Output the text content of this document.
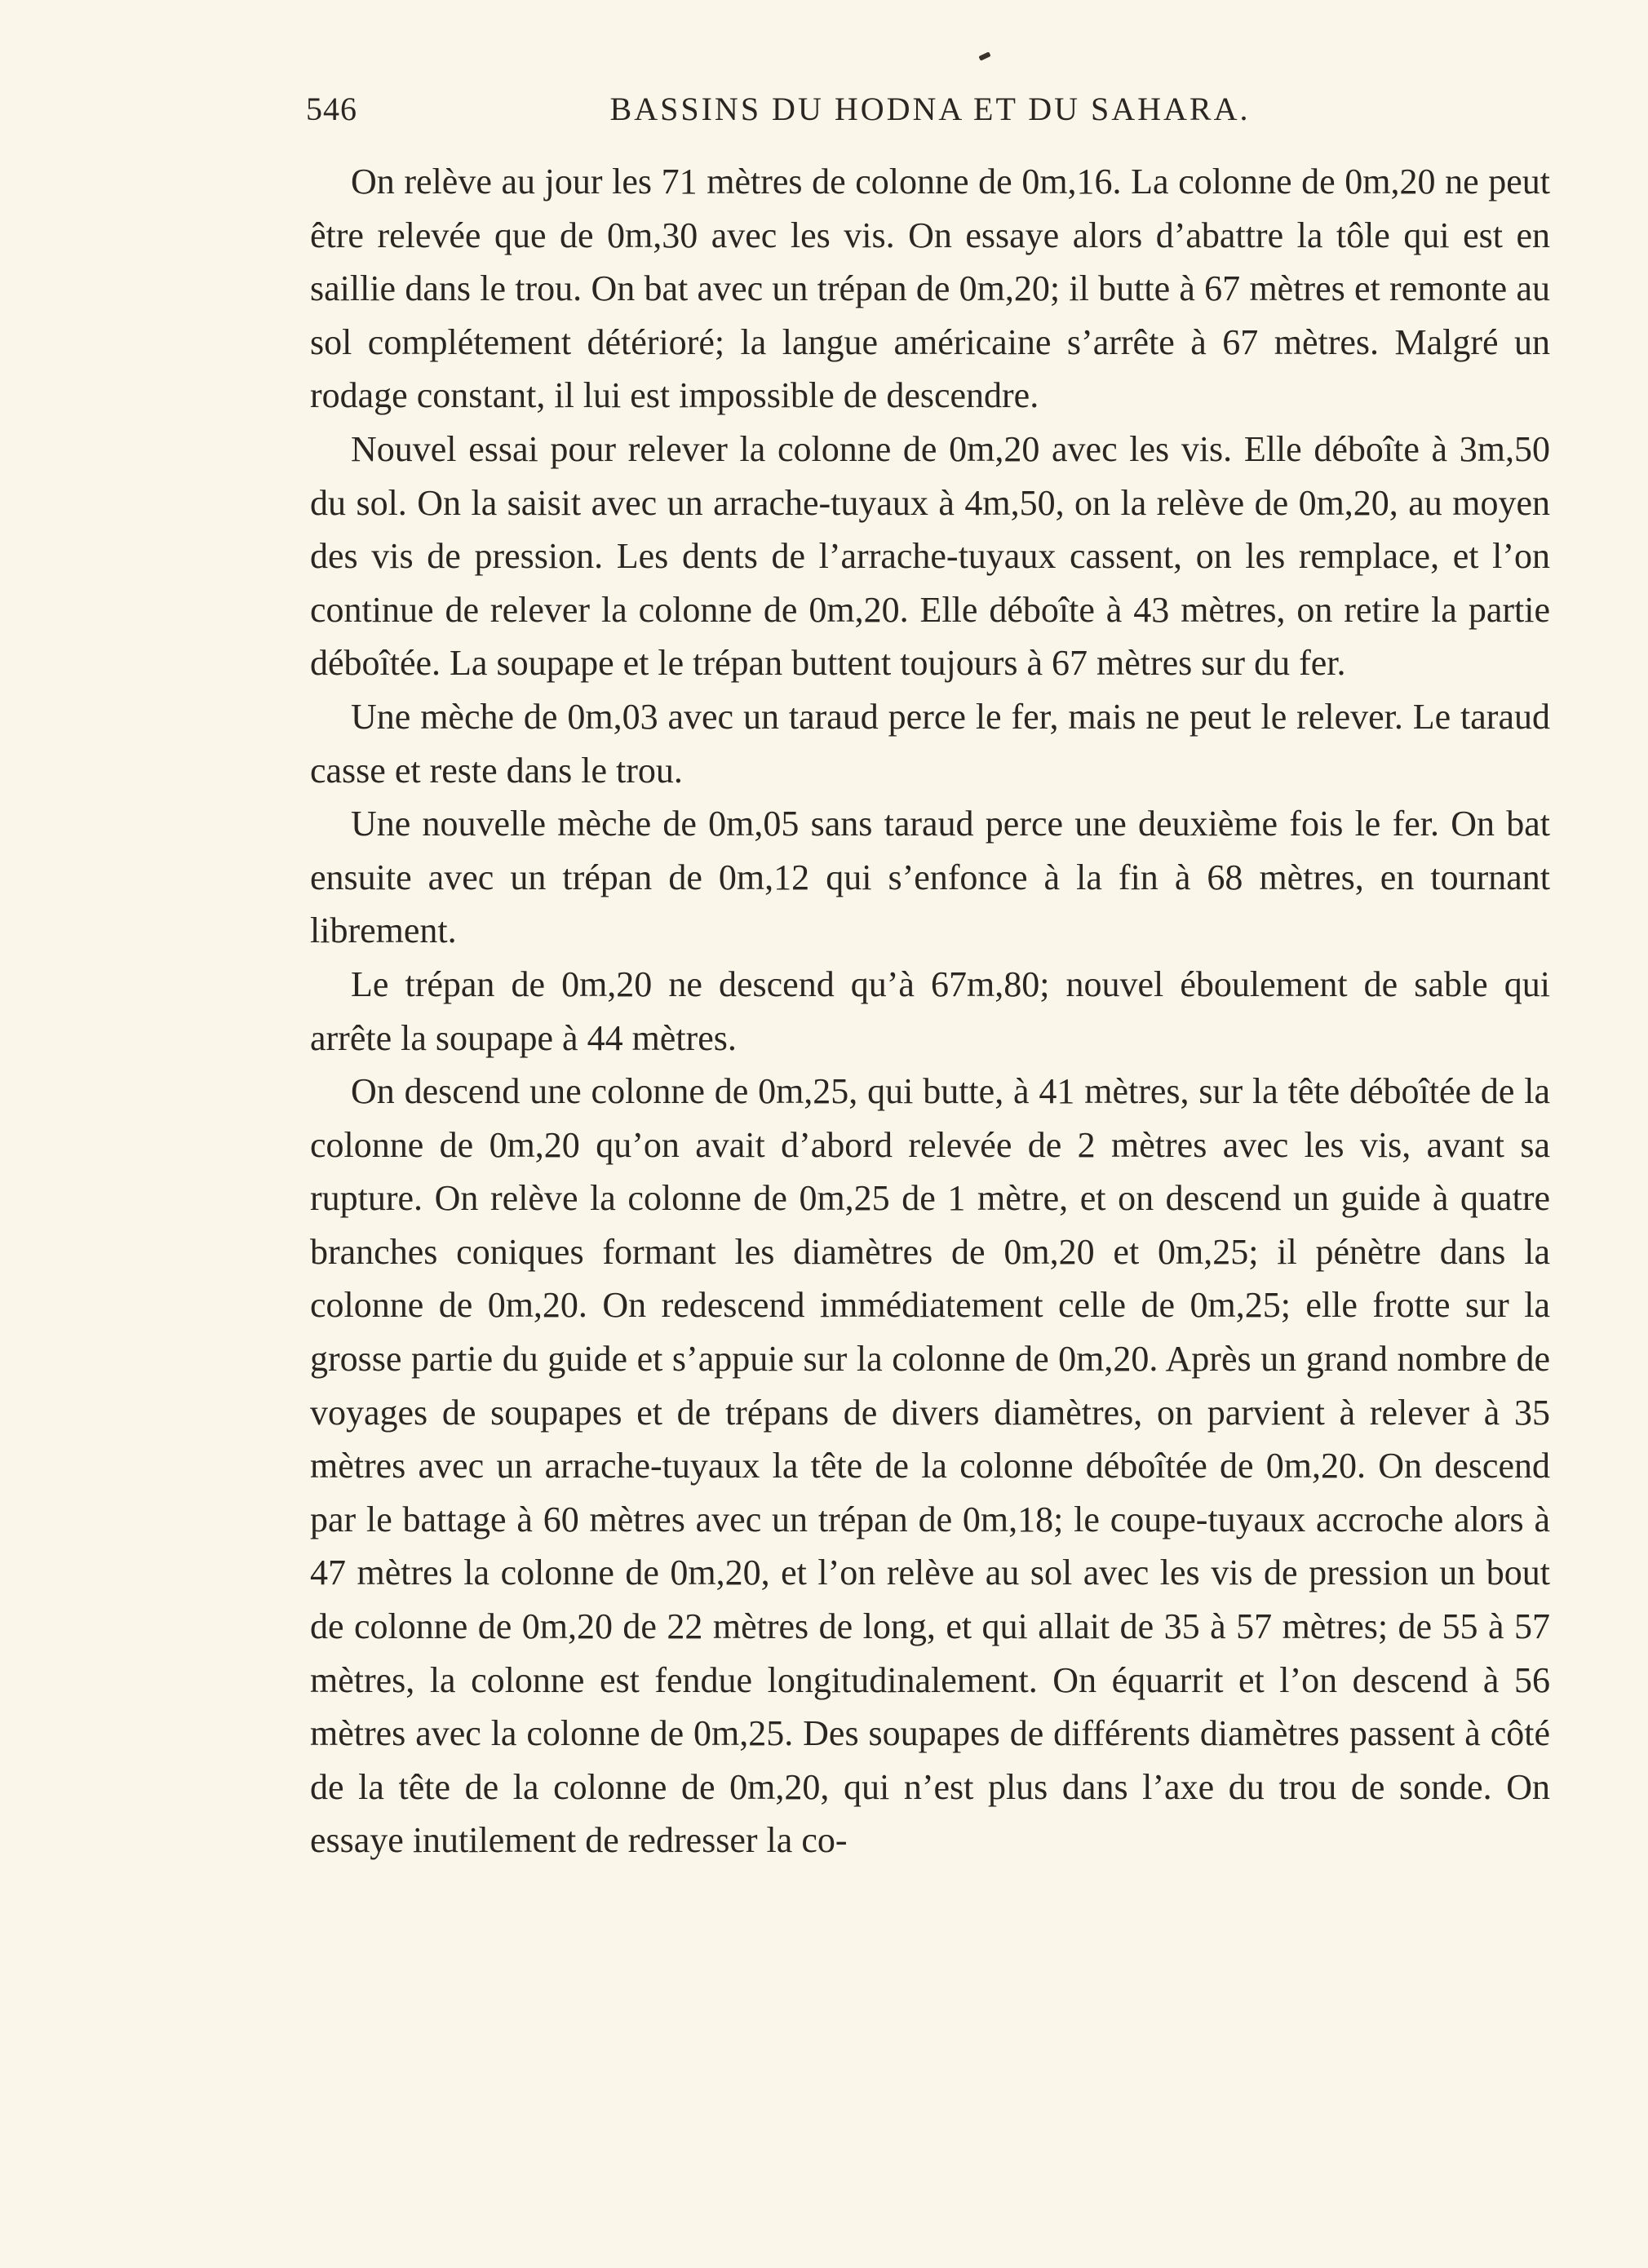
546	BASSINS DU HODNA ET DU SAHARA.

On relève au jour les 71 mètres de colonne de 0m,16. La colonne de 0m,20 ne peut être relevée que de 0m,30 avec les vis. On essaye alors d’abattre la tôle qui est en saillie dans le trou. On bat avec un trépan de 0m,20; il butte à 67 mètres et remonte au sol complétement détérioré; la langue américaine s’arrête à 67 mètres. Malgré un rodage constant, il lui est impossible de descendre.

Nouvel essai pour relever la colonne de 0m,20 avec les vis. Elle déboîte à 3m,50 du sol. On la saisit avec un arrache-tuyaux à 4m,50, on la relève de 0m,20, au moyen des vis de pression. Les dents de l’arrache-tuyaux cassent, on les remplace, et l’on continue de relever la colonne de 0m,20. Elle déboîte à 43 mètres, on retire la partie déboîtée. La soupape et le trépan buttent toujours à 67 mètres sur du fer.

Une mèche de 0m,03 avec un taraud perce le fer, mais ne peut le relever. Le taraud casse et reste dans le trou.

Une nouvelle mèche de 0m,05 sans taraud perce une deuxième fois le fer. On bat ensuite avec un trépan de 0m,12 qui s’enfonce à la fin à 68 mètres, en tournant librement.

Le trépan de 0m,20 ne descend qu’à 67m,80; nouvel éboulement de sable qui arrête la soupape à 44 mètres.

On descend une colonne de 0m,25, qui butte, à 41 mètres, sur la tête déboîtée de la colonne de 0m,20 qu’on avait d’abord relevée de 2 mètres avec les vis, avant sa rupture. On relève la colonne de 0m,25 de 1 mètre, et on descend un guide à quatre branches coniques formant les diamètres de 0m,20 et 0m,25; il pénètre dans la colonne de 0m,20. On redescend immédiatement celle de 0m,25; elle frotte sur la grosse partie du guide et s’appuie sur la colonne de 0m,20. Après un grand nombre de voyages de soupapes et de trépans de divers diamètres, on parvient à relever à 35 mètres avec un arrache-tuyaux la tête de la colonne déboîtée de 0m,20. On descend par le battage à 60 mètres avec un trépan de 0m,18; le coupe-tuyaux accroche alors à 47 mètres la colonne de 0m,20, et l’on relève au sol avec les vis de pression un bout de colonne de 0m,20 de 22 mètres de long, et qui allait de 35 à 57 mètres; de 55 à 57 mètres, la colonne est fendue longitudinalement. On équarrit et l’on descend à 56 mètres avec la colonne de 0m,25. Des soupapes de différents diamètres passent à côté de la tête de la colonne de 0m,20, qui n’est plus dans l’axe du trou de sonde. On essaye inutilement de redresser la co-
